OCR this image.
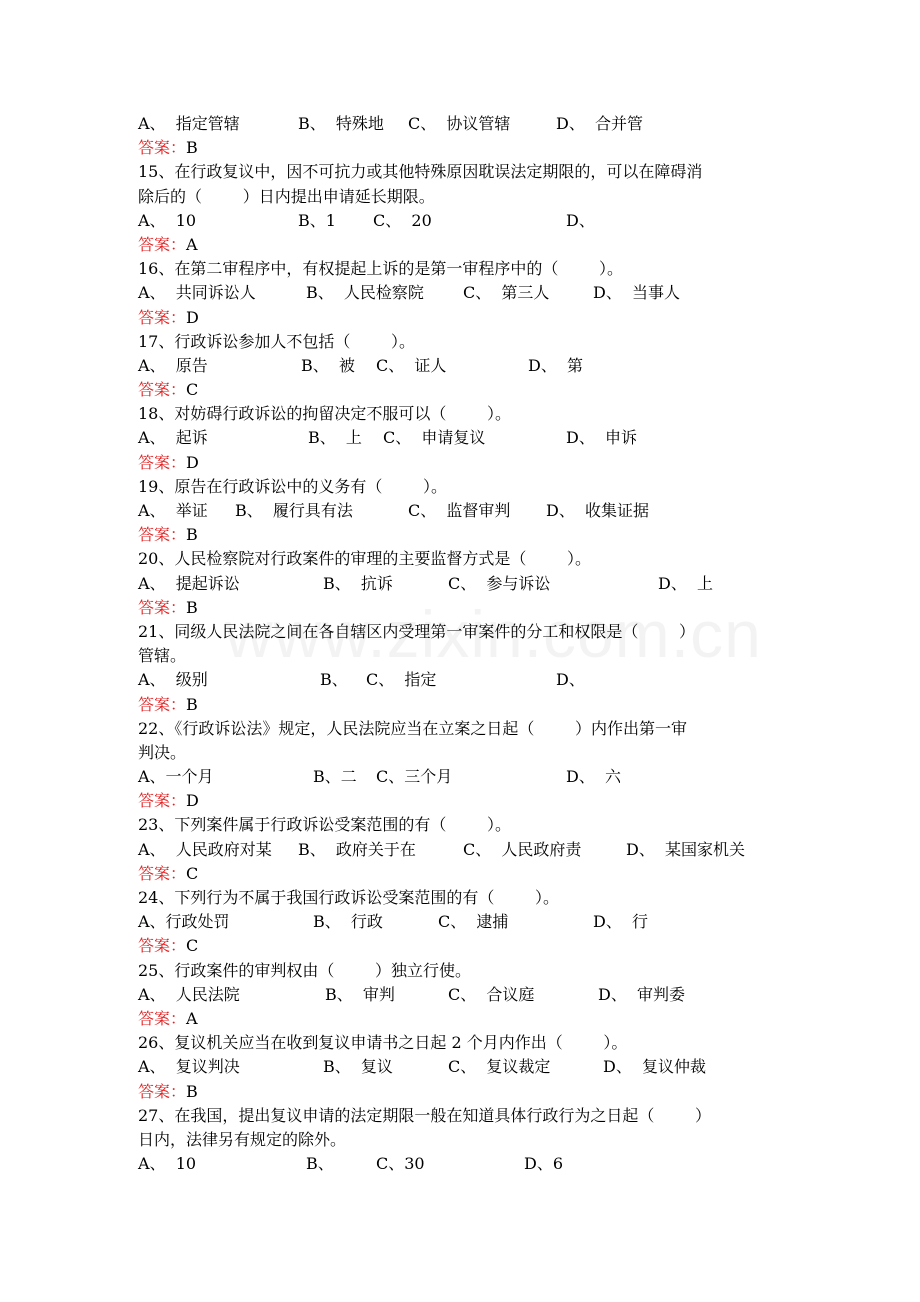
A、  指定管辖	B、  特殊地 C、  协议管辖	D、  合并管
答案：B
15、在行政复议中，因不可抗力或其他特殊原因耽误法定期限的，可以在障碍消
除后的（        ）日内提出申请延长期限。
A、  10	B、1 C、  20	D、
答案：A
16、在第二审程序中，有权提起上诉的是第一审程序中的（        ）。
A、  共同诉讼人	B、  人民检察院 C、  第三人	D、  当事人
答案：D
17、行政诉讼参加人不包括（        ）。
A、  原告	B、  被 C、  证人	D、  第
答案：C
18、对妨碍行政诉讼的拘留决定不服可以（        ）。
A、  起诉	B、  上 C、  申请复议	D、  申诉
答案：D
19、原告在行政诉讼中的义务有（        ）。
A、  举证 B、  履行具有法	C、  监督审判 D、  收集证据
答案：B
20、人民检察院对行政案件的审理的主要监督方式是（        ）。
A、  提起诉讼	B、  抗诉	C、  参与诉讼	D、  上
答案：B
21、同级人民法院之间在各自辖区内受理第一审案件的分工和权限是（        ）
管辖。
A、  级别	B、 C、  指定	D、
答案：B
22、《行政诉讼法》规定，人民法院应当在立案之日起（        ）内作出第一审
判决。
A、一个月	B、二 C、三个月	D、  六
答案：D
23、下列案件属于行政诉讼受案范围的有（        ）。
A、  人民政府对某 B、  政府关于在	C、  人民政府责	D、  某国家机关
答案：C
24、下列行为不属于我国行政诉讼受案范围的有（        ）。
A、行政处罚	B、  行政	C、  逮捕	D、  行
答案：C
25、行政案件的审判权由（        ）独立行使。
A、  人民法院	B、  审判	C、  合议庭	D、  审判委
答案：A
26、复议机关应当在收到复议申请书之日起 2 个月内作出（        ）。
A、  复议判决	B、  复议	C、  复议裁定	D、  复议仲裁
答案：B
27、在我国，提出复议申请的法定期限一般在知道具体行政行为之日起（        ）
日内，法律另有规定的除外。
A、  10	B、	C、30	D、6
